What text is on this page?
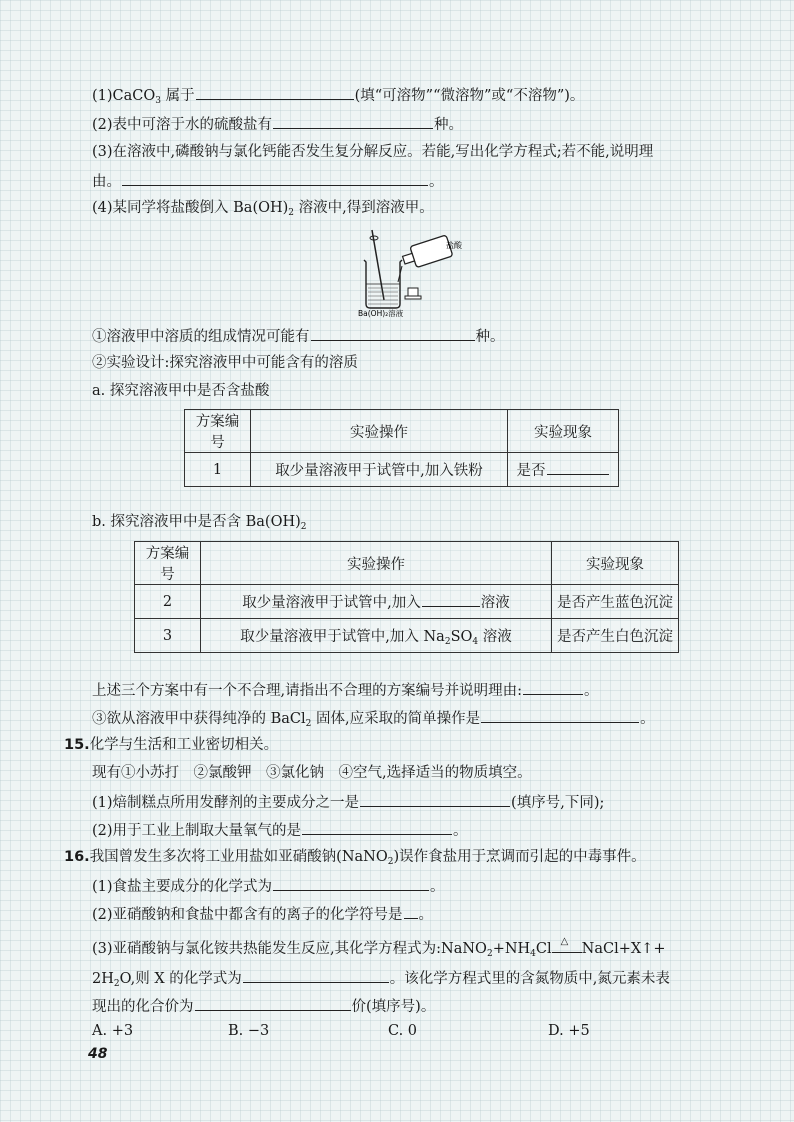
(1)CaCO$_3$ 属于	(填“可溶物”“微溶物”或“不溶物”)。
(2)表中可溶于水的硫酸盐有	种。
(3)在溶液中,磷酸钠与氯化钙能否发生复分解反应。若能,写出化学方程式;若不能,说明理
由。	。
(4)某同学将盐酸倒入 $Ba(OH)_2$ 溶液中,得到溶液甲。
盐酸
Ba(OH)₂溶液
①溶液甲中溶质的组成情况可能有	种。
②实验设计:探究溶液甲中可能含有的溶质
a. 探究溶液甲中是否含盐酸
方案编号	实验操作	实验现象
1	取少量溶液甲于试管中,加入铁粉	是否
b. 探究溶液甲中是否含 $Ba(OH)_2$
方案编号	实验操作	实验现象
2	取少量溶液甲于试管中,加入 溶液	是否产生蓝色沉淀
3	取少量溶液甲于试管中,加入 $Na_2SO_4$ 溶液	是否产生白色沉淀
上述三个方案中有一个不合理,请指出不合理的方案编号并说明理由:	。
③欲从溶液甲中获得纯净的 BaCl$_2$ 固体,应采取的简单操作是	。
15.化学与生活和工业密切相关。
现有①小苏打　②氯酸钾　③氯化钠　④空气,选择适当的物质填空。
(1)焙制糕点所用发酵剂的主要成分之一是	(填序号,下同);
(2)用于工业上制取大量氧气的是	。
16.我国曾发生多次将工业用盐如亚硝酸钠(NaNO$_2$)误作食盐用于烹调而引起的中毒事件。
(1)食盐主要成分的化学式为	。
(2)亚硝酸钠和食盐中都含有的离子的化学符号是 。
(3)亚硝酸钠与氯化铵共热能发生反应,其化学方程式为$:NaNO_2+NH_4Cl$ △ NaCl+X↑+
$2H_2O$,则 X 的化学式为	。该化学方程式里的含氮物质中,氮元素未表
现出的化合价为	价(填序号)。
A. +3	B. −3	C. 0	D. +5
48
